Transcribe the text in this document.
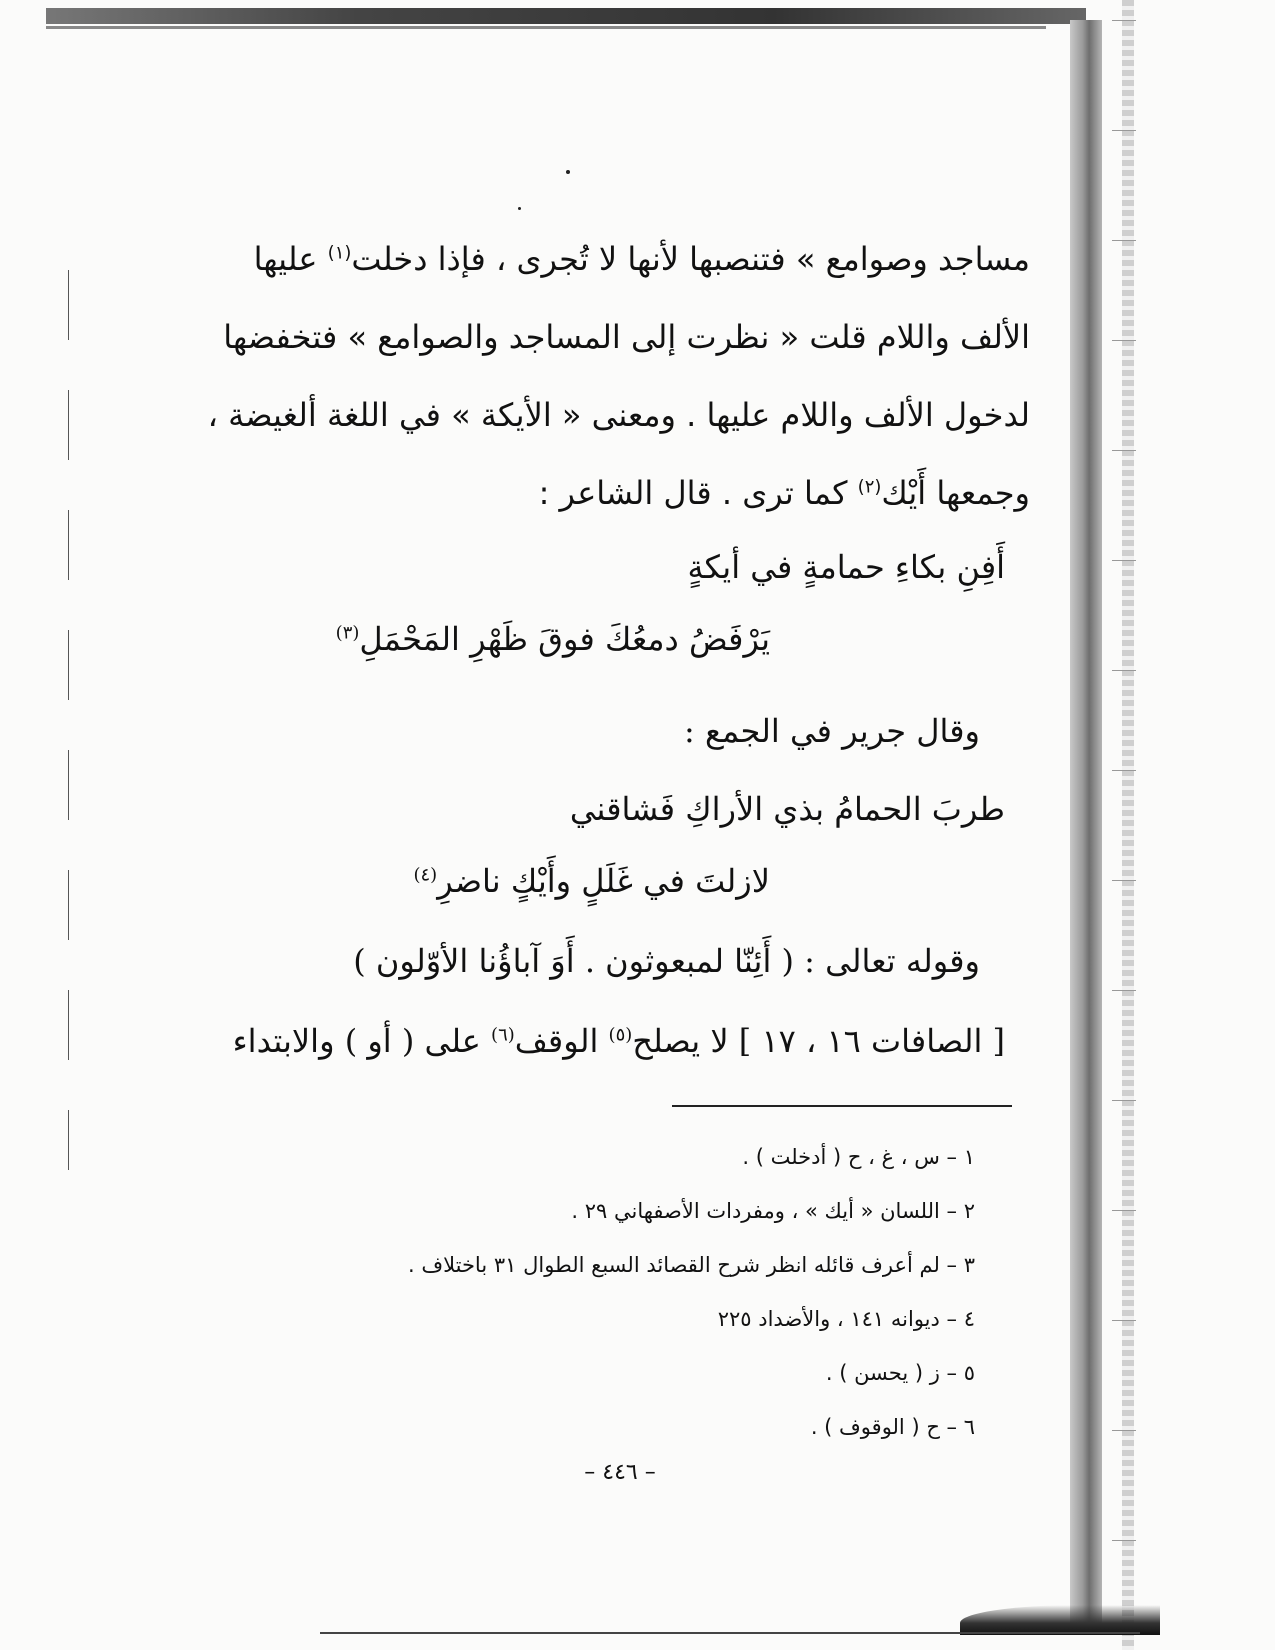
مساجد وصوامع » فتنصبها لأنها لا تُجرى ، فإذا دخلت$^{(١)}$ عليها
الألف واللام قلت « نظرت إلى المساجد والصوامع » فتخفضها
لدخول الألف واللام عليها . ومعنى « الأيكة » في اللغة ألغيضة ،
وجمعها أَيْك$^{(٢)}$ كما ترى . قال الشاعر :
أَفِنِ بكاءِ حمامةٍ في أيكةٍ
يَرْفَضُ دمعُكَ فوقَ ظَهْرِ المَحْمَلِ$^{(٣)}$
وقال جرير في الجمع :
طربَ الحمامُ بذي الأراكِ فَشاقني
لازلتَ في غَلَلٍ وأَيْكٍ ناضرِ$^{(٤)}$
وقوله تعالى : ( أَئِنّا لمبعوثون . أَوَ آباؤُنا الأوّلون )
[ الصافات ١٦ ، ١٧ ] لا يصلح$^{(٥)}$ الوقف$^{(٦)}$ على ( أو ) والابتداء
١ – س ، غ ، ح ( أدخلت ) .
٢ – اللسان « أيك » ، ومفردات الأصفهاني ٢٩ .
٣ – لم أعرف قائله انظر شرح القصائد السبع الطوال ٣١ باختلاف .
٤ – ديوانه ١٤١ ، والأضداد ٢٢٥
٥ – ز ( يحسن ) .
٦ – ح ( الوقوف ) .
– ٤٤٦ –
